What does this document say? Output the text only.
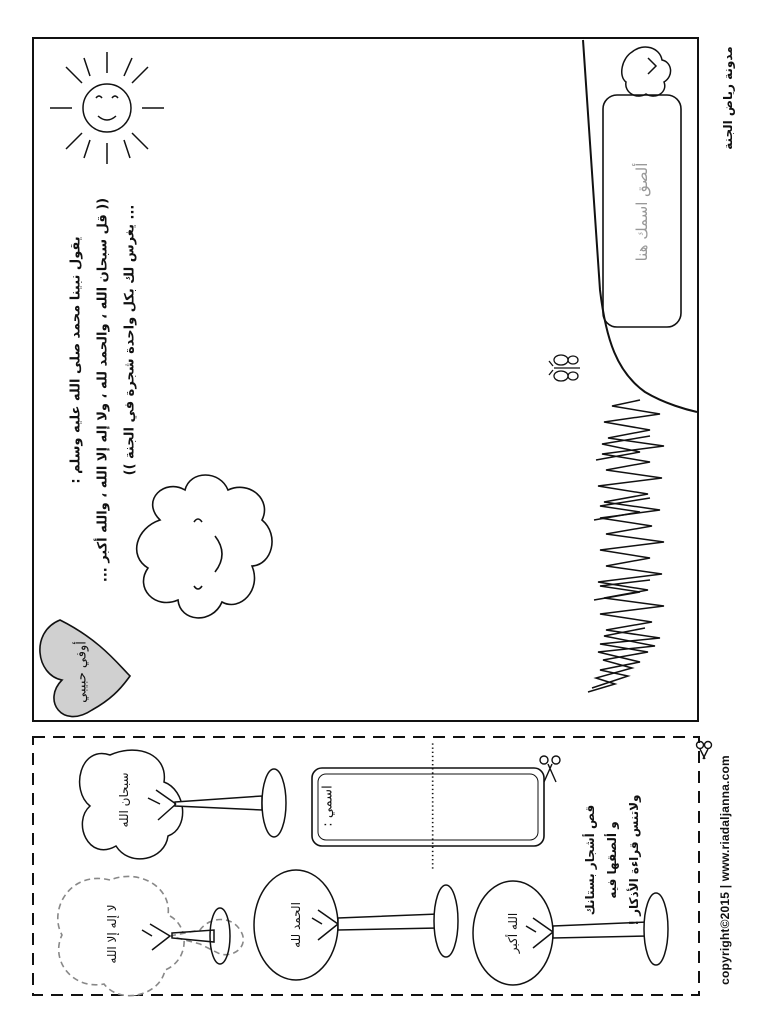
مدونة رياض الجنة
ألصق اسمك هنا
يقول نبينا محمد صلى الله عليه وسلم : (( قل سبحان الله ، والحمد لله ، ولا إله إلا الله ، والله أكبر ... ... يغرس لك بكل واحدة شجرة في الجنة ))
أوفي حبيبي
سبحان الله
لا إله إلا الله	الحمد لله	الله أكبر
اسمي :	...............................	قص أشجار بستانك و ألصقها فيه ولاتنس قراءة الأذكار !	copyright©2015 | www.riadaljanna.com
